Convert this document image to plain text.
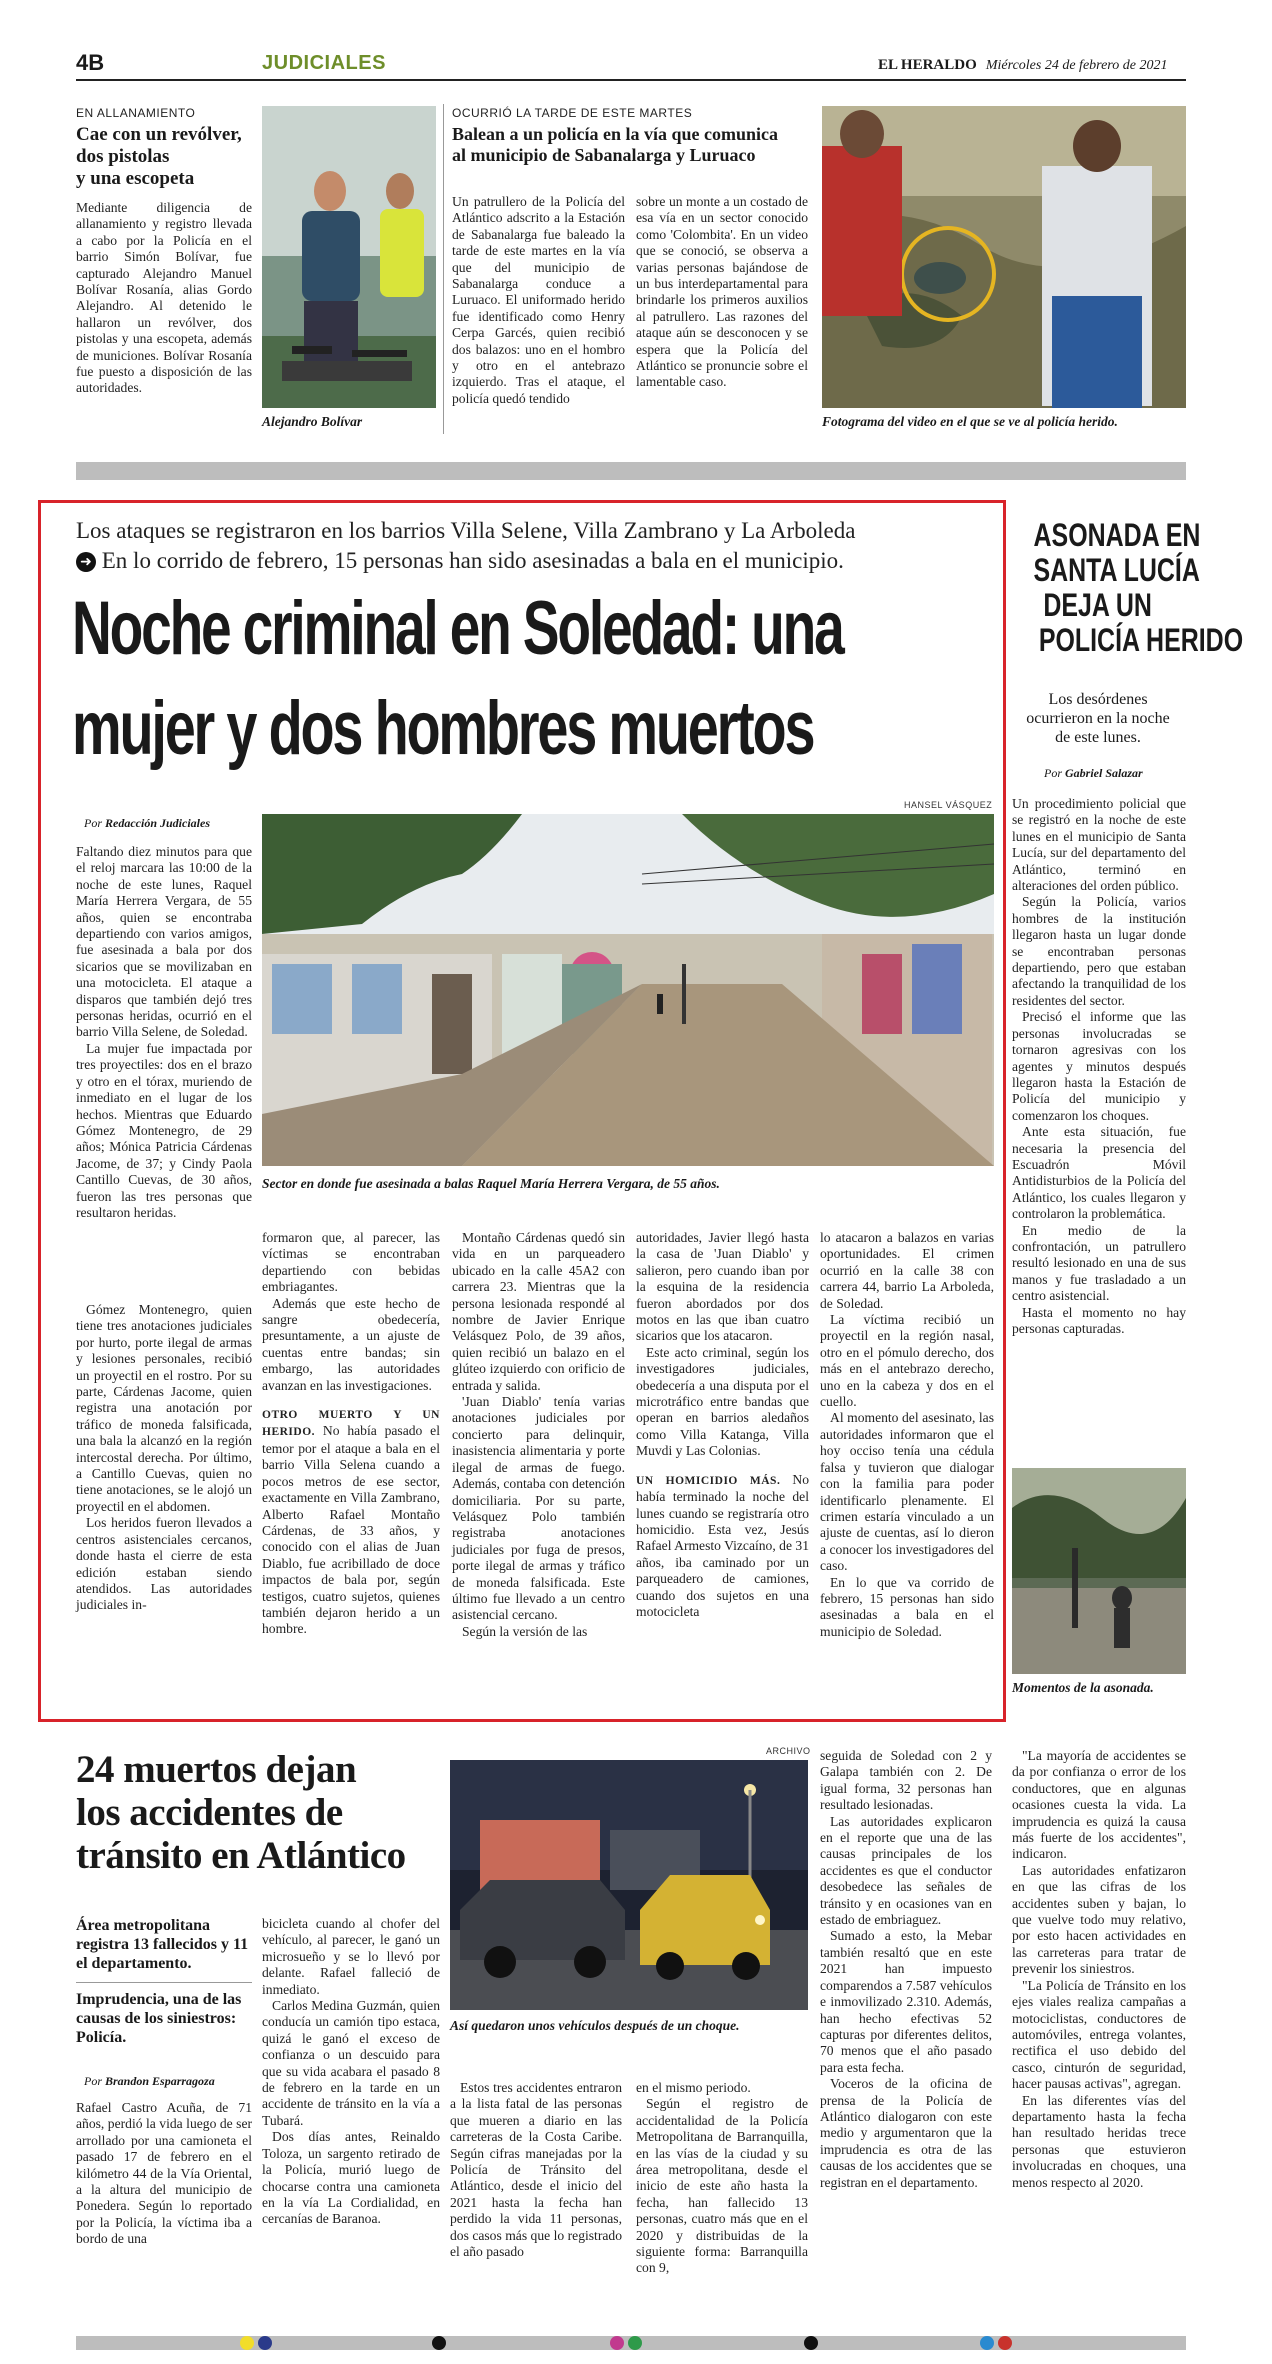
4B	JUDICIALES	EL HERALDO Miércoles 24 de febrero de 2021
EN ALLANAMIENTO
Cae con un revólver,
dos pistolas
y una escopeta
Mediante diligencia de allanamiento y registro llevada a cabo por la Policía en el barrio Simón Bolívar, fue capturado Alejandro Manuel Bolívar Rosanía, alias Gordo Alejandro. Al detenido le hallaron un revólver, dos pistolas y una escopeta, además de municiones. Bolívar Rosanía fue puesto a disposición de las autoridades.
Alejandro Bolívar
OCURRIÓ LA TARDE DE ESTE MARTES
Balean a un policía en la vía que comunica
al municipio de Sabanalarga y Luruaco
Un patrullero de la Policía del Atlántico adscrito a la Estación de Sabanalarga fue baleado la tarde de este martes en la vía que del municipio de Sabanalarga conduce a Luruaco. El uniformado herido fue identificado como Henry Cerpa Garcés, quien recibió dos balazos: uno en el hombro y otro en el antebrazo izquierdo. Tras el ataque, el policía quedó tendido
sobre un monte a un costado de esa vía en un sector conocido como 'Colombita'. En un video que se conoció, se observa a varias personas bajándose de un bus interdepartamental para brindarle los primeros auxilios al patrullero. Las razones del ataque aún se desconocen y se espera que la Policía del Atlántico se pronuncie sobre el lamentable caso.
Fotograma del video en el que se ve al policía herido.
Los ataques se registraron en los barrios Villa Selene, Villa Zambrano y La Arboleda
➜ En lo corrido de febrero, 15 personas han sido asesinadas a bala en el municipio.
Noche criminal en Soledad: una
mujer y dos hombres muertos
HANSEL VÁSQUEZ
Sector en donde fue asesinada a balas Raquel María Herrera Vergara, de 55 años.
Por Redacción Judiciales

Faltando diez minutos para que el reloj marcara las 10:00 de la noche de este lunes, Raquel María Herrera Vergara, de 55 años, quien se encontraba departiendo con varios amigos, fue asesinada a bala por dos sicarios que se movilizaban en una motocicleta. El ataque a disparos que también dejó tres personas heridas, ocurrió en el barrio Villa Selene, de Soledad.

La mujer fue impactada por tres proyectiles: dos en el brazo y otro en el tórax, muriendo de inmediato en el lugar de los hechos. Mientras que Eduardo Gómez Montenegro, de 29 años; Mónica Patricia Cárdenas Jacome, de 37; y Cindy Paola Cantillo Cuevas, de 30 años, fueron las tres personas que resultaron heridas.

Gómez Montenegro, quien tiene tres anotaciones judiciales por hurto, porte ilegal de armas y lesiones personales, recibió un proyectil en el rostro. Por su parte, Cárdenas Jacome, quien registra una anotación por tráfico de moneda falsificada, una bala la alcanzó en la región intercostal derecha. Por último, a Cantillo Cuevas, quien no tiene anotaciones, se le alojó un proyectil en el abdomen.

Los heridos fueron llevados a centros asistenciales cercanos, donde hasta el cierre de esta edición estaban siendo atendidos. Las autoridades judiciales in-

formaron que, al parecer, las víctimas se encontraban departiendo con bebidas embriagantes.

Además que este hecho de sangre obedecería, presuntamente, a un ajuste de cuentas entre bandas; sin embargo, las autoridades avanzan en las investigaciones.

OTRO MUERTO Y UN HERIDO. No había pasado el temor por el ataque a bala en el barrio Villa Selena cuando a pocos metros de ese sector, exactamente en Villa Zambrano, Alberto Rafael Montaño Cárdenas, de 33 años, y conocido con el alias de Juan Diablo, fue acribillado de doce impactos de bala por, según testigos, cuatro sujetos, quienes también dejaron herido a un hombre.

Montaño Cárdenas quedó sin vida en un parqueadero ubicado en la calle 45A2 con carrera 23. Mientras que la persona lesionada respondé al nombre de Javier Enrique Velásquez Polo, de 39 años, quien recibió un balazo en el glúteo izquierdo con orificio de entrada y salida.

'Juan Diablo' tenía varias anotaciones judiciales por concierto para delinquir, inasistencia alimentaria y porte ilegal de armas de fuego. Además, contaba con detención domiciliaria. Por su parte, Velásquez Polo también registraba anotaciones judiciales por fuga de presos, porte ilegal de armas y tráfico de moneda falsificada. Este último fue llevado a un centro asistencial cercano.

Según la versión de las

autoridades, Javier llegó hasta la casa de 'Juan Diablo' y salieron, pero cuando iban por la esquina de la residencia fueron abordados por dos motos en las que iban cuatro sicarios que los atacaron.

Este acto criminal, según los investigadores judiciales, obedecería a una disputa por el microtráfico entre bandas que operan en barrios aledaños como Villa Katanga, Villa Muvdi y Las Colonias.

UN HOMICIDIO MÁS. No había terminado la noche del lunes cuando se registraría otro homicidio. Esta vez, Jesús Rafael Armesto Vizcaíno, de 31 años, iba caminado por un parqueadero de camiones, cuando dos sujetos en una motocicleta

lo atacaron a balazos en varias oportunidades. El crimen ocurrió en la calle 38 con carrera 44, barrio La Arboleda, de Soledad.

La víctima recibió un proyectil en la región nasal, otro en el pómulo derecho, dos más en el antebrazo derecho, uno en la cabeza y dos en el cuello.

Al momento del asesinato, las autoridades informaron que el hoy occiso tenía una cédula falsa y tuvieron que dialogar con la familia para poder identificarlo plenamente. El crimen estaría vinculado a un ajuste de cuentas, así lo dieron a conocer los investigadores del caso.

En lo que va corrido de febrero, 15 personas han sido asesinadas a bala en el municipio de Soledad.

ASONADA EN
SANTA LUCÍA
DEJA UN
POLICÍA HERIDO
Los desórdenes ocurrieron en la noche de este lunes.
Por Gabriel Salazar

Un procedimiento policial que se registró en la noche de este lunes en el municipio de Santa Lucía, sur del departamento del Atlántico, terminó en alteraciones del orden público.

Según la Policía, varios hombres de la institución llegaron hasta un lugar donde se encontraban personas departiendo, pero que estaban afectando la tranquilidad de los residentes del sector.

Precisó el informe que las personas involucradas se tornaron agresivas con los agentes y minutos después llegaron hasta la Estación de Policía del municipio y comenzaron los choques.

Ante esta situación, fue necesaria la presencia del Escuadrón Móvil Antidisturbios de la Policía del Atlántico, los cuales llegaron y controlaron la problemática.

En medio de la confrontación, un patrullero resultó lesionado en una de sus manos y fue trasladado a un centro asistencial.

Hasta el momento no hay personas capturadas.

Momentos de la asonada.
24 muertos dejan
los accidentes de
tránsito en Atlántico
Área metropolitana registra 13 fallecidos y 11 el departamento.
Imprudencia, una de las causas de los siniestros: Policía.
Por Brandon Esparragoza
Rafael Castro Acuña, de 71 años, perdió la vida luego de ser arrollado por una camioneta el pasado 17 de febrero en el kilómetro 44 de la Vía Oriental, a la altura del municipio de Ponedera. Según lo reportado por la Policía, la víctima iba a bordo de una

bicicleta cuando al chofer del vehículo, al parecer, le ganó un microsueño y se lo llevó por delante. Rafael falleció de inmediato.

Carlos Medina Guzmán, quien conducía un camión tipo estaca, quizá le ganó el exceso de confianza o un descuido para que su vida acabara el pasado 8 de febrero en la tarde en un accidente de tránsito en la vía a Tubará.

Dos días antes, Reinaldo Toloza, un sargento retirado de la Policía, murió luego de chocarse contra una camioneta en la vía La Cordialidad, en cercanías de Baranoa.

ARCHIVO
Así quedaron unos vehículos después de un choque.
Estos tres accidentes entraron a la lista fatal de las personas que mueren a diario en las carreteras de la Costa Caribe. Según cifras manejadas por la Policía de Tránsito del Atlántico, desde el inicio del 2021 hasta la fecha han perdido la vida 11 personas, dos casos más que lo registrado el año pasado

en el mismo periodo.

Según el registro de accidentalidad de la Policía Metropolitana de Barranquilla, en las vías de la ciudad y su área metropolitana, desde el inicio de este año hasta la fecha, han fallecido 13 personas, cuatro más que en el 2020 y distribuidas de la siguiente forma: Barranquilla con 9,

seguida de Soledad con 2 y Galapa también con 2. De igual forma, 32 personas han resultado lesionadas.

Las autoridades explicaron en el reporte que una de las causas principales de los accidentes es que el conductor desobedece las señales de tránsito y en ocasiones van en estado de embriaguez.

Sumado a esto, la Mebar también resaltó que en este 2021 han impuesto comparendos a 7.587 vehículos e inmovilizado 2.310. Además, han hecho efectivas 52 capturas por diferentes delitos, 70 menos que el año pasado para esta fecha.

Voceros de la oficina de prensa de la Policía de Atlántico dialogaron con este medio y argumentaron que la imprudencia es otra de las causas de los accidentes que se registran en el departamento.

"La mayoría de accidentes se da por confianza o error de los conductores, que en algunas ocasiones cuesta la vida. La imprudencia es quizá la causa más fuerte de los accidentes", indicaron.

Las autoridades enfatizaron en que las cifras de los accidentes suben y bajan, lo que vuelve todo muy relativo, por esto hacen actividades en las carreteras para tratar de prevenir los siniestros.

"La Policía de Tránsito en los ejes viales realiza campañas a motociclistas, conductores de automóviles, entrega volantes, rectifica el uso debido del casco, cinturón de seguridad, hacer pausas activas", agregan.

En las diferentes vías del departamento hasta la fecha han resultado heridas trece personas que estuvieron involucradas en choques, una menos respecto al 2020.
